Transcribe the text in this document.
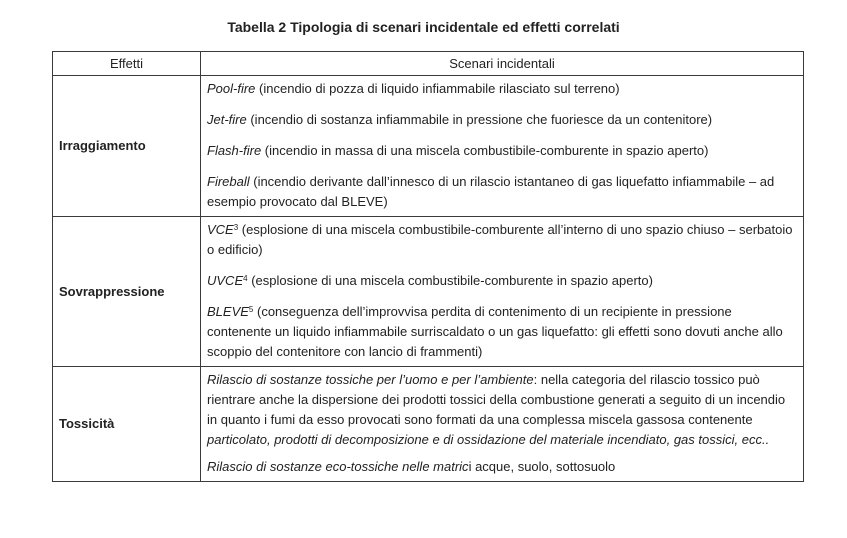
Tabella 2 Tipologia di scenari incidentale ed effetti correlati
Effetti	Scenari incidentali
Irraggiamento	Pool-fire (incendio di pozza di liquido infiammabile rilasciato sul terreno)
Jet-fire (incendio di sostanza infiammabile in pressione che fuoriesce da un contenitore)
Flash-fire (incendio in massa di una miscela combustibile-comburente in spazio aperto)
Fireball (incendio derivante dall’innesco di un rilascio istantaneo di gas liquefatto infiammabile – ad esempio provocato dal BLEVE)

Sovrappressione	VCE$^3$ (esplosione di una miscela combustibile-comburente all’interno di uno spazio chiuso – serbatoio o edificio)
UVCE$^4$ (esplosione di una miscela combustibile-comburente in spazio aperto)
BLEVE$^5$ (conseguenza dell’improvvisa perdita di contenimento di un recipiente in pressione contenente un liquido infiammabile surriscaldato o un gas liquefatto: gli effetti sono dovuti anche allo scoppio del contenitore con lancio di frammenti)

Tossicità	Rilascio di sostanze tossiche per l’uomo e per l’ambiente: nella categoria del rilascio tossico può rientrare anche la dispersione dei prodotti tossici della combustione generati a seguito di un incendio in quanto i fumi da esso provocati sono formati da una complessa miscela gassosa contenente particolato, prodotti di decomposizione e di ossidazione del materiale incendiato, gas tossici, ecc..
Rilascio di sostanze eco-tossiche nelle matrici acque, suolo, sottosuolo
